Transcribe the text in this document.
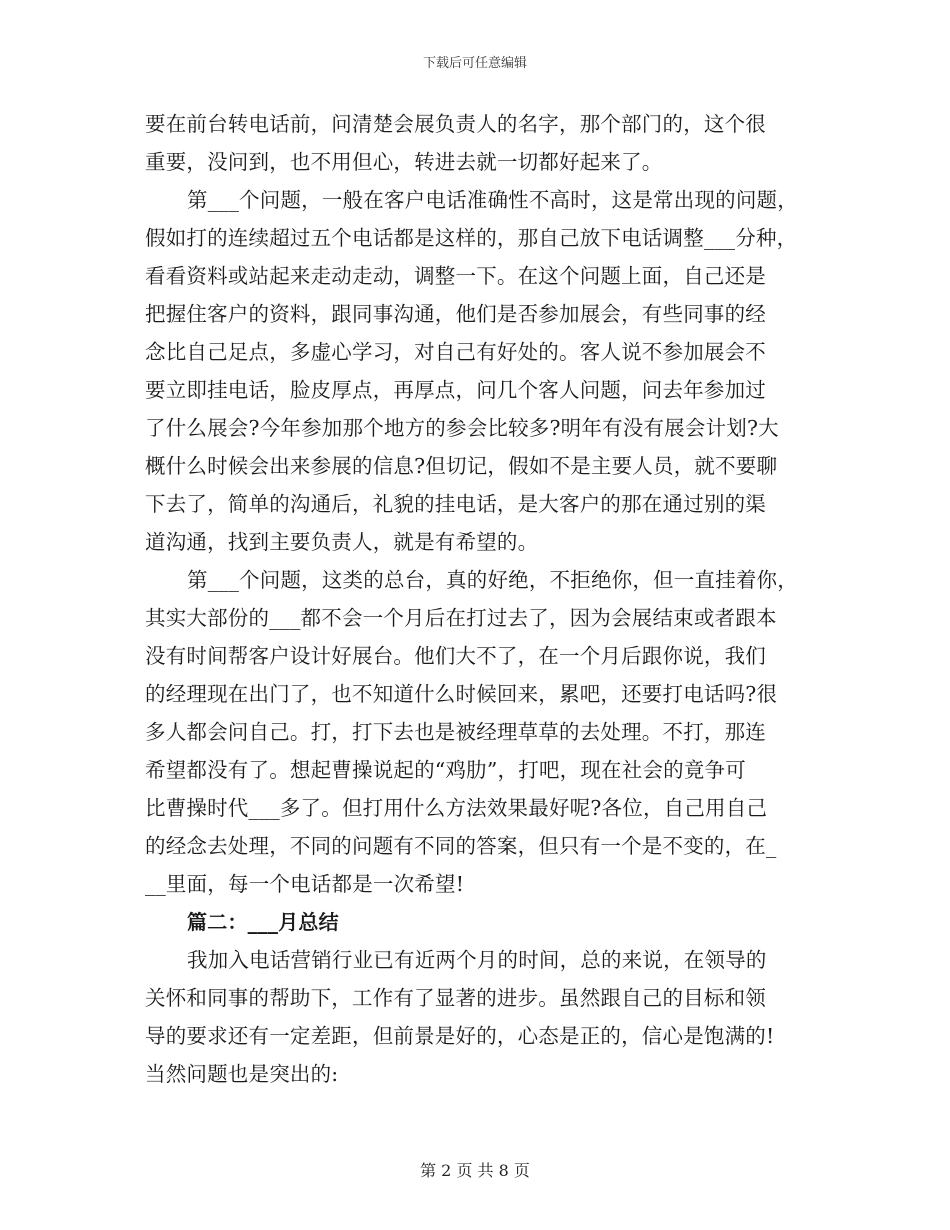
下载后可任意编辑
要在前台转电话前，问清楚会展负责人的名字，那个部门的，这个很
重要，没问到，也不用但心，转进去就一切都好起来了。
第___个问题，一般在客户电话准确性不高时，这是常出现的问题，
假如打的连续超过五个电话都是这样的，那自己放下电话调整___分种，
看看资料或站起来走动走动，调整一下。在这个问题上面，自己还是
把握住客户的资料，跟同事沟通，他们是否参加展会，有些同事的经
念比自己足点，多虚心学习，对自己有好处的。客人说不参加展会不
要立即挂电话，脸皮厚点，再厚点，问几个客人问题，问去年参加过
了什么展会?今年参加那个地方的参会比较多?明年有没有展会计划?大
概什么时候会出来参展的信息?但切记，假如不是主要人员，就不要聊
下去了，简单的沟通后，礼貌的挂电话，是大客户的那在通过别的渠
道沟通，找到主要负责人，就是有希望的。
第___个问题，这类的总台，真的好绝，不拒绝你，但一直挂着你，
其实大部份的___都不会一个月后在打过去了，因为会展结束或者跟本
没有时间帮客户设计好展台。他们大不了，在一个月后跟你说，我们
的经理现在出门了，也不知道什么时候回来，累吧，还要打电话吗?很
多人都会问自己。打，打下去也是被经理草草的去处理。不打，那连
希望都没有了。想起曹操说起的“鸡肋”，打吧，现在社会的竟争可
比曹操时代___多了。但打用什么方法效果最好呢?各位，自己用自己
的经念去处理，不同的问题有不同的答案，但只有一个是不变的，在_
__里面，每一个电话都是一次希望!
篇二：___月总结
我加入电话营销行业已有近两个月的时间，总的来说，在领导的
关怀和同事的帮助下，工作有了显著的进步。虽然跟自己的目标和领
导的要求还有一定差距，但前景是好的，心态是正的，信心是饱满的!
当然问题也是突出的:
第 2 页 共 8 页
